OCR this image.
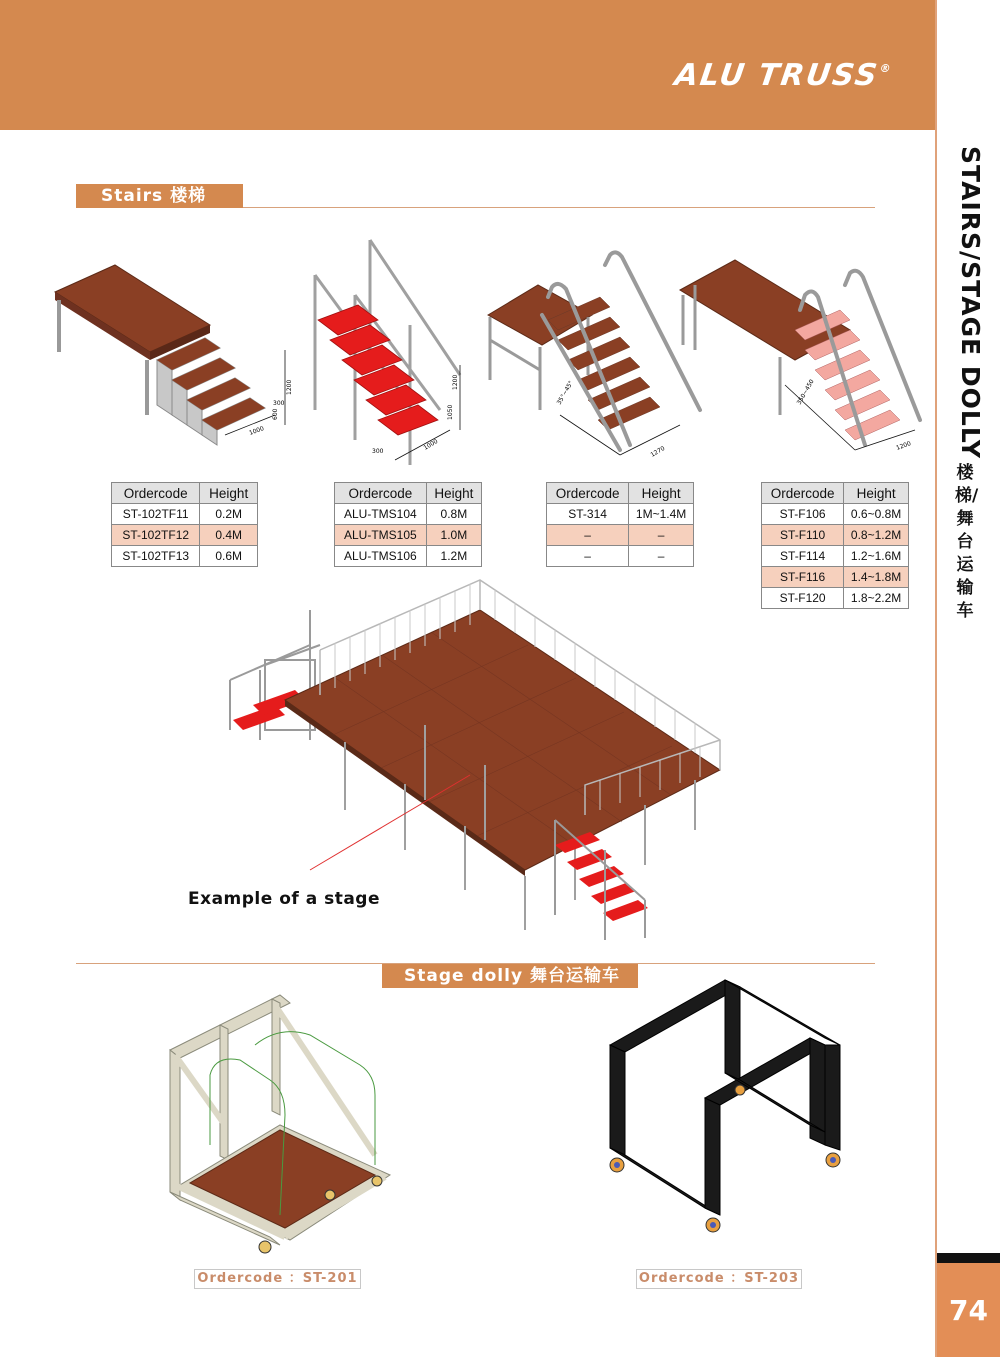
ALU TRUSS®
STAIRS/STAGE DOLLY
楼梯/舞台运输车
74
Stairs 楼梯
1200
1000
300
600
1200
1000
300
1050
1270
35°~45°
1200
350~450
Ordercode	Height
ST-102TF11	0.2M
ST-102TF12	0.4M
ST-102TF13	0.6M
Ordercode	Height
ALU-TMS104	0.8M
ALU-TMS105	1.0M
ALU-TMS106	1.2M
Ordercode	Height
ST-314	1M~1.4M
–	–
–	–
Ordercode	Height
ST-F106	0.6~0.8M
ST-F110	0.8~1.2M
ST-F114	1.2~1.6M
ST-F116	1.4~1.8M
ST-F120	1.8~2.2M
Example of a stage
Stage dolly 舞台运输车
Ordercode ：ST-201	Ordercode ：ST-203
